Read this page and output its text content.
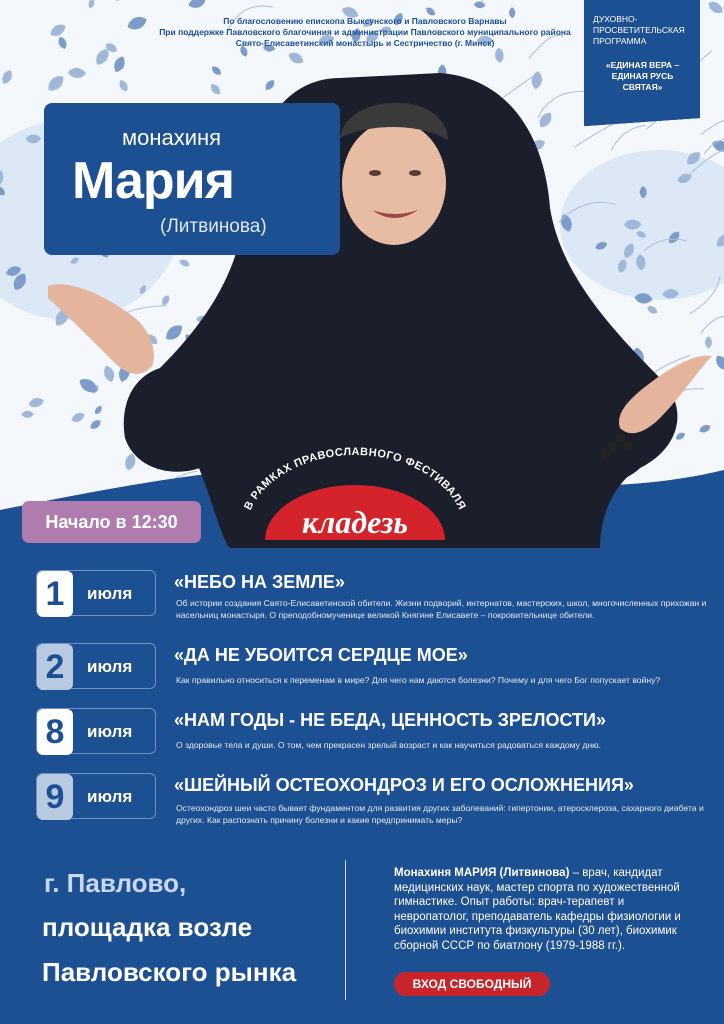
По благословению епископа Выксунского и Павловского Варнавы
При поддержке Павловского благочиния и администрации Павловского муниципального района
Свято-Елисаветинский монастырь и Сестричество (г. Минск)
ДУХОВНО-ПРОСВЕТИТЕЛЬСКАЯ ПРОГРАММА
«ЕДИНАЯ ВЕРА –
ЕДИНАЯ РУСЬ СВЯТАЯ»
монахиня
Мария
(Литвинова)
Начало в 12:30
В РАМКАХ ПРАВОСЛАВНОГО ФЕСТИВАЛЯ
кладезь
1	июля
«НЕБО НА ЗЕМЛЕ»
Об истории создания Свято-Елисаветинской обители. Жизни подворий, интернатов, мастерских, школ, многочисленных прихожан и насельниц монастыря. О преподобномученице великой Княгине Елисавете – покровительнице обители.
2	июля
«ДА НЕ УБОИТСЯ СЕРДЦЕ МОЕ»
Как правильно относиться к переменам в мире? Для чего нам даются болезни? Почему и для чего Бог попускает войну?
8	июля
«НАМ ГОДЫ - НЕ БЕДА, ЦЕННОСТЬ ЗРЕЛОСТИ»
О здоровье тела и души. О том, чем прекрасен зрелый возраст и как научиться радоваться каждому дню.
9	июля
«ШЕЙНЫЙ ОСТЕОХОНДРОЗ И ЕГО ОСЛОЖНЕНИЯ»
Остеохондроз шеи часто бывает фундаментом для развития других заболеваний: гипертонии, атеросклероза, сахарного диабета и других. Как распознать причину болезни и какие предпринимать меры?
г. Павлово,
площадка возле
Павловского рынка
Монахиня МАРИЯ (Литвинова) – врач, кандидат медицинских наук, мастер спорта по художественной гимнастике. Опыт работы: врач-терапевт и невропатолог, преподаватель кафедры физиологии и биохимии института физкультуры (30 лет), биохимик сборной СССР по биатлону (1979-1988 гг.).
ВХОД СВОБОДНЫЙ
